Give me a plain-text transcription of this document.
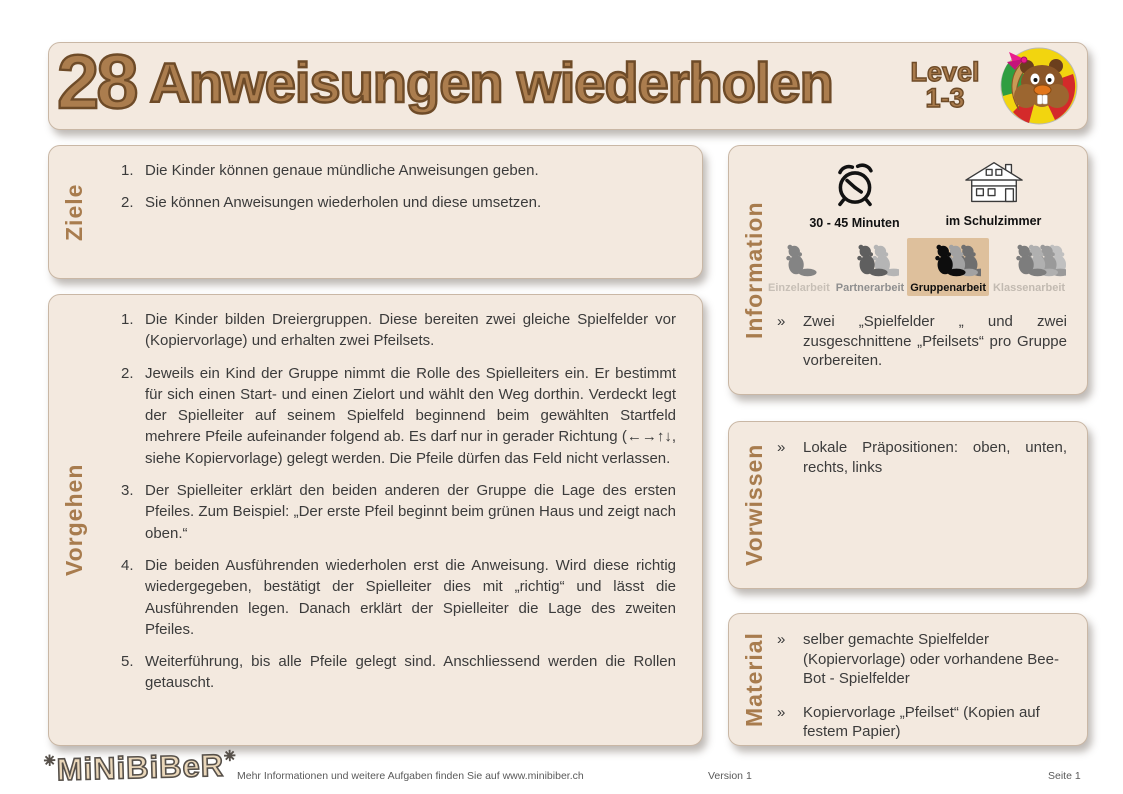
28 Anweisungen wiederholen	Level
1-3
Ziele
1. Die Kinder können genaue mündliche Anweisungen geben.
2. Sie können Anweisungen wiederholen und diese umsetzen.
Vorgehen
1. Die Kinder bilden Dreiergruppen. Diese bereiten zwei gleiche Spielfelder vor (Kopiervorlage) und erhalten zwei Pfeilsets.
2. Jeweils ein Kind der Gruppe nimmt die Rolle des Spielleiters ein. Er bestimmt für sich einen Start- und einen Zielort und wählt den Weg dorthin. Verdeckt legt der Spielleiter auf seinem Spielfeld beginnend beim gewählten Startfeld mehrere Pfeile aufeinander folgend ab. Es darf nur in gerader Richtung (←→↑↓, siehe Kopiervorlage) gelegt werden. Die Pfeile dürfen das Feld nicht verlassen.
3. Der Spielleiter erklärt den beiden anderen der Gruppe die Lage des ersten Pfeiles. Zum Beispiel: „Der erste Pfeil beginnt beim grünen Haus und zeigt nach oben.“
4. Die beiden Ausführenden wiederholen erst die Anweisung. Wird diese richtig wiedergegeben, bestätigt der Spielleiter dies mit „richtig“ und lässt die Ausführenden legen. Danach erklärt der Spielleiter die Lage des zweiten Pfeiles.
5. Weiterführung, bis alle Pfeile gelegt sind. Anschliessend werden die Rollen getauscht.
Information	30 - 45 Minuten	im Schulzimmer
Einzelarbeit Partnerarbeit Gruppenarbeit Klassenarbeit
» Zwei „Spielfelder „ und zwei zusgeschnittene „Pfeilsets“ pro Gruppe vorbereiten.
Vorwissen » Lokale Präpositionen: oben, unten, rechts, links
Material » selber gemachte Spielfelder (Kopiervorlage) oder vorhandene Bee-Bot - Spielfelder
» Kopiervorlage „Pfeilset“ (Kopien auf festem Papier)
✳MiNiBiBeR✳
Mehr Informationen und weitere Aufgaben finden Sie auf www.minibiber.ch	Version 1	Seite 1
